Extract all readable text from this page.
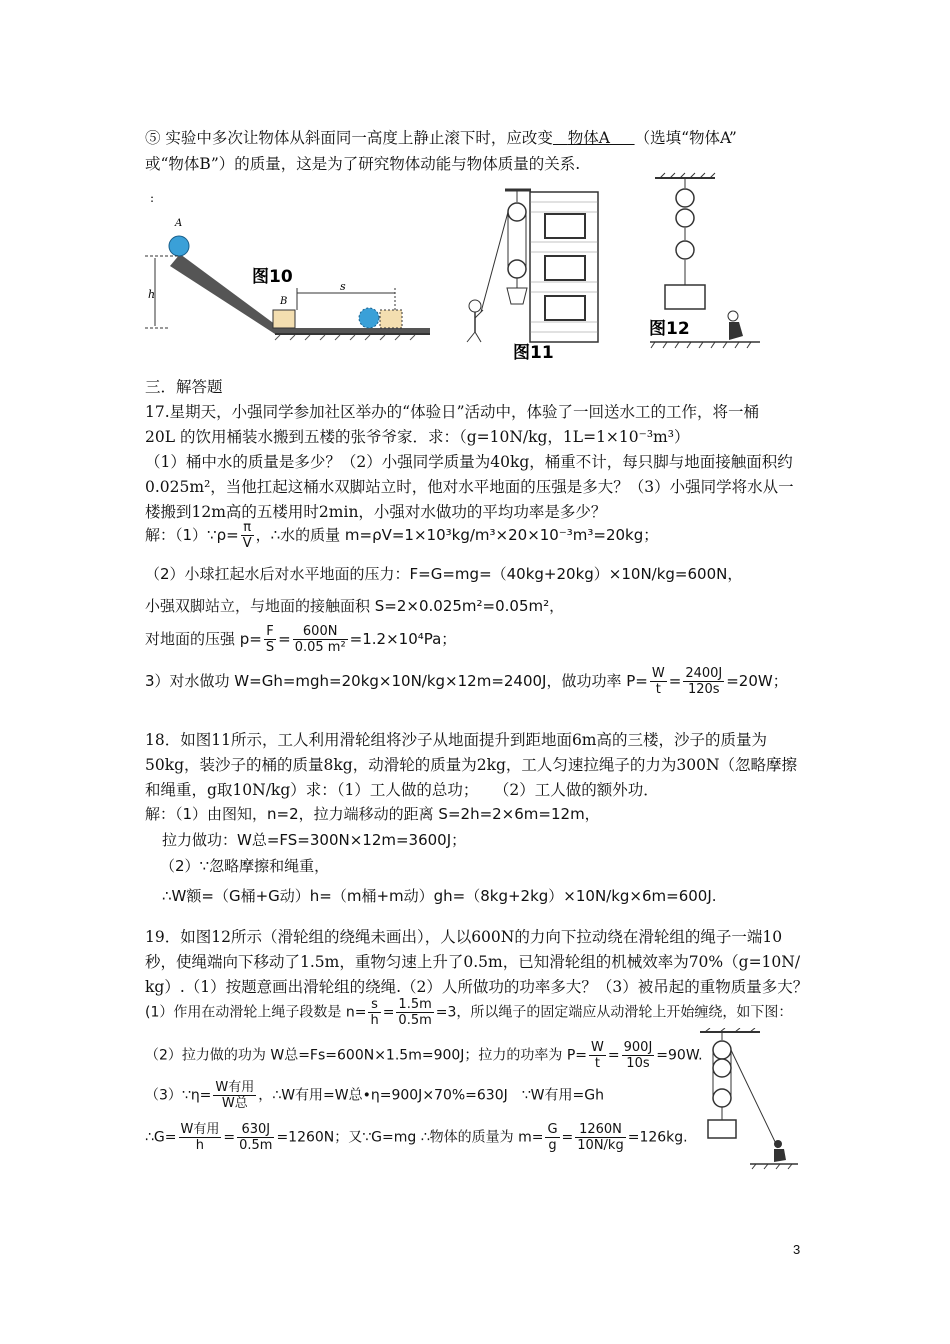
⑤ 实验中多次让物体从斜面同一高度上静止滚下时，应改变 物体A （选填“物体A”
或“物体B”）的质量，这是为了研究物体动能与物体质量的关系.
:
A
h
B
s
图10
图11
图12
三．解答题
17.星期天，小强同学参加社区举办的“体验日”活动中，体验了一回送水工的工作，将一桶
20L 的饮用桶装水搬到五楼的张爷爷家．求：（g=10N/kg，1L=1×10⁻³m³）
（1）桶中水的质量是多少？（2）小强同学质量为40kg，桶重不计，每只脚与地面接触面积约
0.025m²，当他扛起这桶水双脚站立时，他对水平地面的压强是多大？（3）小强同学将水从一
楼搬到12m高的五楼用时2min，小强对水做功的平均功率是多少？
解：（1）∵ρ= $\frac{\pi}{V}$ ，∴水的质量 m=ρV=1×10³kg/m³×20×10⁻³m³=20kg；
（2）小球扛起水后对水平地面的压力：F=G=mg=（40kg+20kg）×10N/kg=600N，
小强双脚站立，与地面的接触面积 S=2×0.025m²=0.05m²，
对地面的压强 $p= \frac{F}{S} = \frac{600N}{\text{0.05 m²}} =1.2\times 10^4Pa$；
3）对水做功 W=Gh=mgh=20kg×10N/kg×12m=2400J，做功功率 $P= \frac{W}{t} = \frac{2400J}{120s} =20W$；
18．如图11所示，工人利用滑轮组将沙子从地面提升到距地面6m高的三楼，沙子的质量为
50kg，装沙子的桶的质量8kg，动滑轮的质量为2kg，工人匀速拉绳子的力为300N（忽略摩擦
和绳重，g取10N/kg）求：（1）工人做的总功；　　（2）工人做的额外功．
解：（1）由图知，n=2，拉力端移动的距离 S=2h=2×6m=12m，
拉力做功：W总=FS=300N×12m=3600J；
（2）∵忽略摩擦和绳重，
∴W额=（G桶+G动）h=（m桶+m动）gh=（8kg+2kg）×10N/kg×6m=600J.
19．如图12所示（滑轮组的绕绳未画出），人以600N的力向下拉动绕在滑轮组的绳子一端10
秒，使绳端向下移动了1.5m，重物匀速上升了0.5m，已知滑轮组的机械效率为70%（g=10N/
kg）.（1）按题意画出滑轮组的绕绳.（2）人所做功的功率多大？（3）被吊起的重物质量多大？
(1）作用在动滑轮上绳子段数是 $n= \frac{s}{h} = \frac{1.5m}{0.5m} =3$，所以绳子的固定端应从动滑轮上开始缠绕，如下图：
（2）拉力做的功为 W总=Fs=600N×1.5m=900J；拉力的功率为 $P= \frac{W}{t} = \frac{900J}{10s} =90W$.
（3）∵η= W有用
W总 ，∴W有用=W总•η=900J×70%=630J　∵W有用=Gh
∴G= W有用
h	= $\frac{630J}{0.5m} =1260N$；又∵G=mg ∴物体的质量为 $m= \frac{G}{g} = \frac{1260N}{10N/kg} =126kg$.
3
